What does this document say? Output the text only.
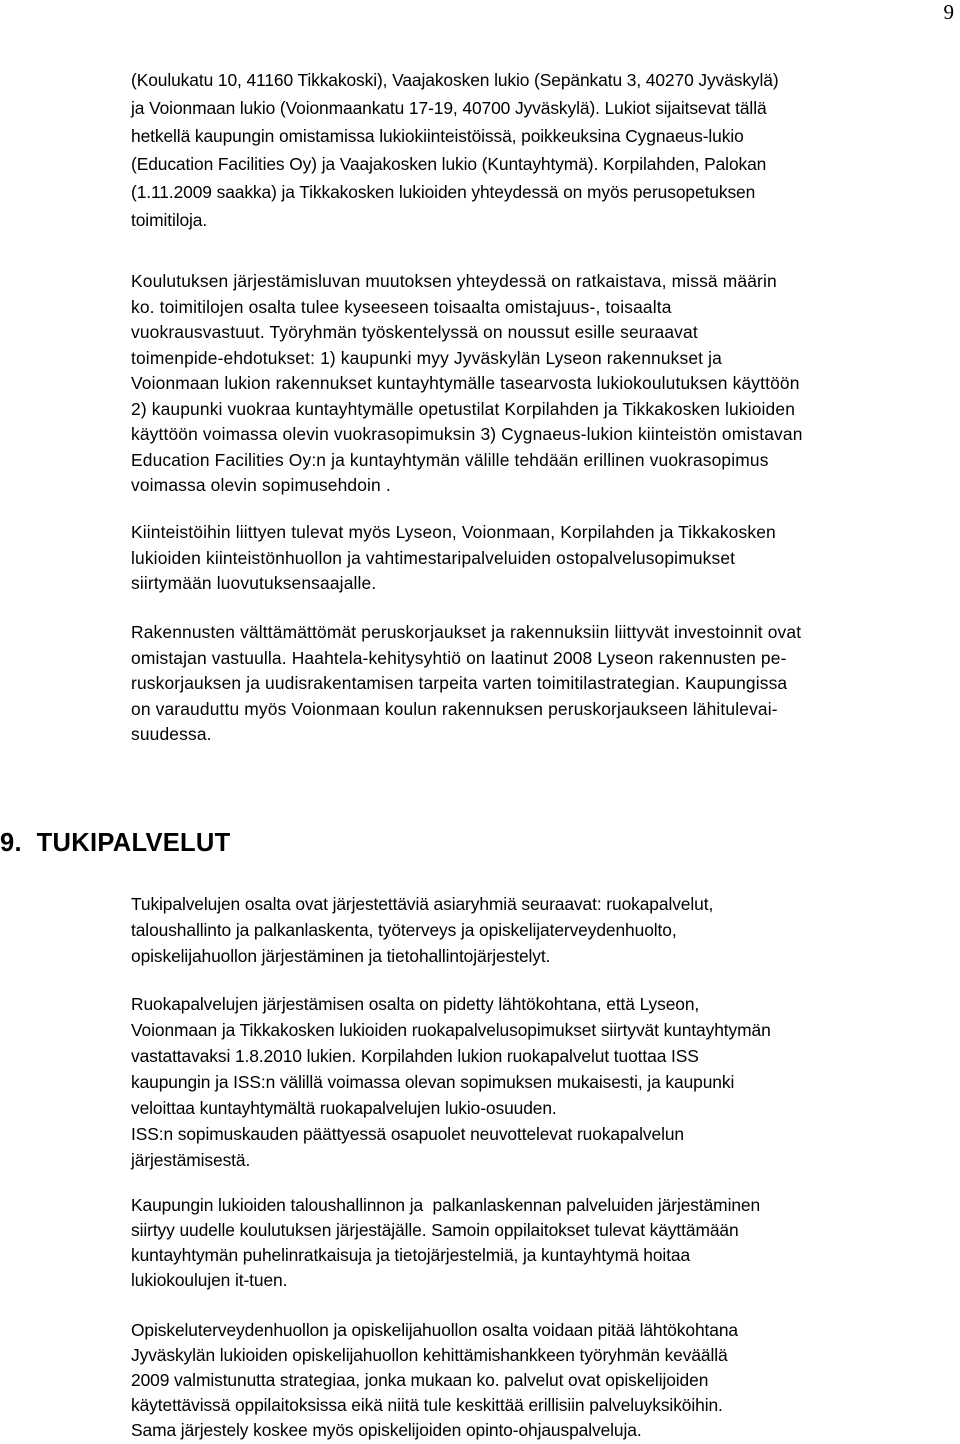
9
(Koulukatu 10, 41160 Tikkakoski), Vaajakosken lukio (Sepänkatu 3, 40270 Jyväskylä)
ja Voionmaan lukio (Voionmaankatu 17-19, 40700 Jyväskylä). Lukiot sijaitsevat tällä
hetkellä kaupungin omistamissa lukiokiinteistöissä, poikkeuksina Cygnaeus-lukio
(Education Facilities Oy) ja Vaajakosken lukio (Kuntayhtymä). Korpilahden, Palokan
(1.11.2009 saakka) ja Tikkakosken lukioiden yhteydessä on myös perusopetuksen
toimitiloja.
Koulutuksen järjestämisluvan muutoksen yhteydessä on ratkaistava, missä määrin
ko. toimitilojen osalta tulee kyseeseen toisaalta omistajuus-, toisaalta
vuokrausvastuut. Työryhmän työskentelyssä on noussut esille seuraavat
toimenpide-ehdotukset: 1) kaupunki myy Jyväskylän Lyseon rakennukset ja
Voionmaan lukion rakennukset kuntayhtymälle tasearvosta lukiokoulutuksen käyttöön
2) kaupunki vuokraa kuntayhtymälle opetustilat Korpilahden ja Tikkakosken lukioiden
käyttöön voimassa olevin vuokrasopimuksin 3) Cygnaeus-lukion kiinteistön omistavan
Education Facilities Oy:n ja kuntayhtymän välille tehdään erillinen vuokrasopimus
voimassa olevin sopimusehdoin .
Kiinteistöihin liittyen tulevat myös Lyseon, Voionmaan, Korpilahden ja Tikkakosken
lukioiden kiinteistönhuollon ja vahtimestaripalveluiden ostopalvelusopimukset
siirtymään luovutuksensaajalle.
Rakennusten välttämättömät peruskorjaukset ja rakennuksiin liittyvät investoinnit ovat
omistajan vastuulla. Haahtela-kehitysyhtiö on laatinut 2008 Lyseon rakennusten pe-
ruskorjauksen ja uudisrakentamisen tarpeita varten toimitilastrategian. Kaupungissa
on varauduttu myös Voionmaan koulun rakennuksen peruskorjaukseen lähitulevai-
suudessa.
9.  TUKIPALVELUT
Tukipalvelujen osalta ovat järjestettäviä asiaryhmiä seuraavat: ruokapalvelut,
taloushallinto ja palkanlaskenta, työterveys ja opiskelijaterveydenhuolto,
opiskelijahuollon järjestäminen ja tietohallintojärjestelyt.
Ruokapalvelujen järjestämisen osalta on pidetty lähtökohtana, että Lyseon,
Voionmaan ja Tikkakosken lukioiden ruokapalvelusopimukset siirtyvät kuntayhtymän
vastattavaksi 1.8.2010 lukien. Korpilahden lukion ruokapalvelut tuottaa ISS
kaupungin ja ISS:n välillä voimassa olevan sopimuksen mukaisesti, ja kaupunki
veloittaa kuntayhtymältä ruokapalvelujen lukio-osuuden.
ISS:n sopimuskauden päättyessä osapuolet neuvottelevat ruokapalvelun
järjestämisestä.
Kaupungin lukioiden taloushallinnon ja  palkanlaskennan palveluiden järjestäminen
siirtyy uudelle koulutuksen järjestäjälle. Samoin oppilaitokset tulevat käyttämään
kuntayhtymän puhelinratkaisuja ja tietojärjestelmiä, ja kuntayhtymä hoitaa
lukiokoulujen it-tuen.
Opiskeluterveydenhuollon ja opiskelijahuollon osalta voidaan pitää lähtökohtana
Jyväskylän lukioiden opiskelijahuollon kehittämishankkeen työryhmän keväällä
2009 valmistunutta strategiaa, jonka mukaan ko. palvelut ovat opiskelijoiden
käytettävissä oppilaitoksissa eikä niitä tule keskittää erillisiin palveluyksiköihin.
Sama järjestely koskee myös opiskelijoiden opinto-ohjauspalveluja.
